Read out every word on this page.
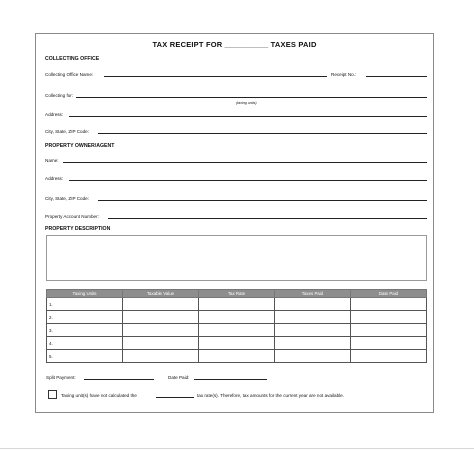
TAX RECEIPT FOR __________ TAXES PAID
COLLECTING OFFICE
Collecting Office Name:	Receipt No.:
Collecting for:
(taxing units)
Address:
City, State, ZIP Code:
PROPERTY OWNER/AGENT
Name:
Address:
City, State, ZIP Code:
Property Account Number:
PROPERTY DESCRIPTION
Taxing Units	Taxable Value	Tax Rate	Taxes Paid	Date Paid
1.				
2.				
3.				
4.				
5.				
Split Payment:	Date Paid:
Taxing unit(s) have not calculated the	tax rate(s). Therefore, tax amounts for the current year are not available.
